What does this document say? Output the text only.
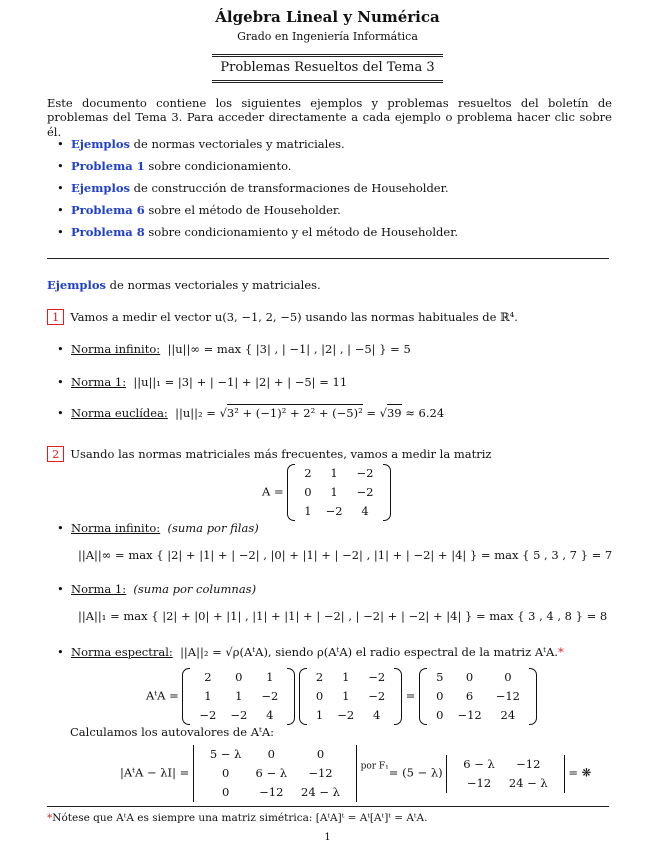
Álgebra Lineal y Numérica
Grado en Ingeniería Informática
Problemas Resueltos del Tema 3
Este documento contiene los siguientes ejemplos y problemas resueltos del boletín de problemas del Tema 3. Para acceder directamente a cada ejemplo o problema hacer clic sobre él.
• Ejemplos de normas vectoriales y matriciales.
• Problema 1 sobre condicionamiento.
• Ejemplos de construcción de transformaciones de Householder.
• Problema 6 sobre el método de Householder.
• Problema 8 sobre condicionamiento y el método de Householder.
Ejemplos de normas vectoriales y matriciales.
1 Vamos a medir el vector u(3, −1, 2, −5) usando las normas habituales de ℝ⁴.
• Norma infinito: ||u||∞ = max { |3| , | −1| , |2| , | −5| } = 5
• Norma 1: ||u||₁ = |3| + | −1| + |2| + | −5| = 11
• Norma euclídea: ||u||₂ = √3² + (−1)² + 2² + (−5)² = √39 ≈ 6.24
2 Usando las normas matriciales más frecuentes, vamos a medir la matriz
A =
2	1	−2
0	1	−2
1	−2	4
• Norma infinito: (suma por filas)
||A||∞ = max { |2| + |1| + | −2| , |0| + |1| + | −2| , |1| + | −2| + |4| } = max { 5 , 3 , 7 } = 7
• Norma 1: (suma por columnas)
||A||₁ = max { |2| + |0| + |1| , |1| + |1| + | −2| , | −2| + | −2| + |4| } = max { 3 , 4 , 8 } = 8
• Norma espectral: ||A||₂ = √ρ(AᵗA), siendo ρ(AᵗA) el radio espectral de la matriz AᵗA.*
AᵗA =
2	0	1
1	1	−2
−2	−2	4

2	1	−2
0	1	−2
1	−2	4
=
5	0	0
0	6	−12
0	−12	24
Calculamos los autovalores de AᵗA:
|AᵗA − λI| =
5 − λ	0	0
0	6 − λ	−12
0	−12	24 − λ
$^{por F_1}$= (5 − λ)
6 − λ	−12
−12	24 − λ
= ❋
*Nótese que AᵗA es siempre una matriz simétrica: [AᵗA]ᵗ = Aᵗ[Aᵗ]ᵗ = AᵗA.
1
